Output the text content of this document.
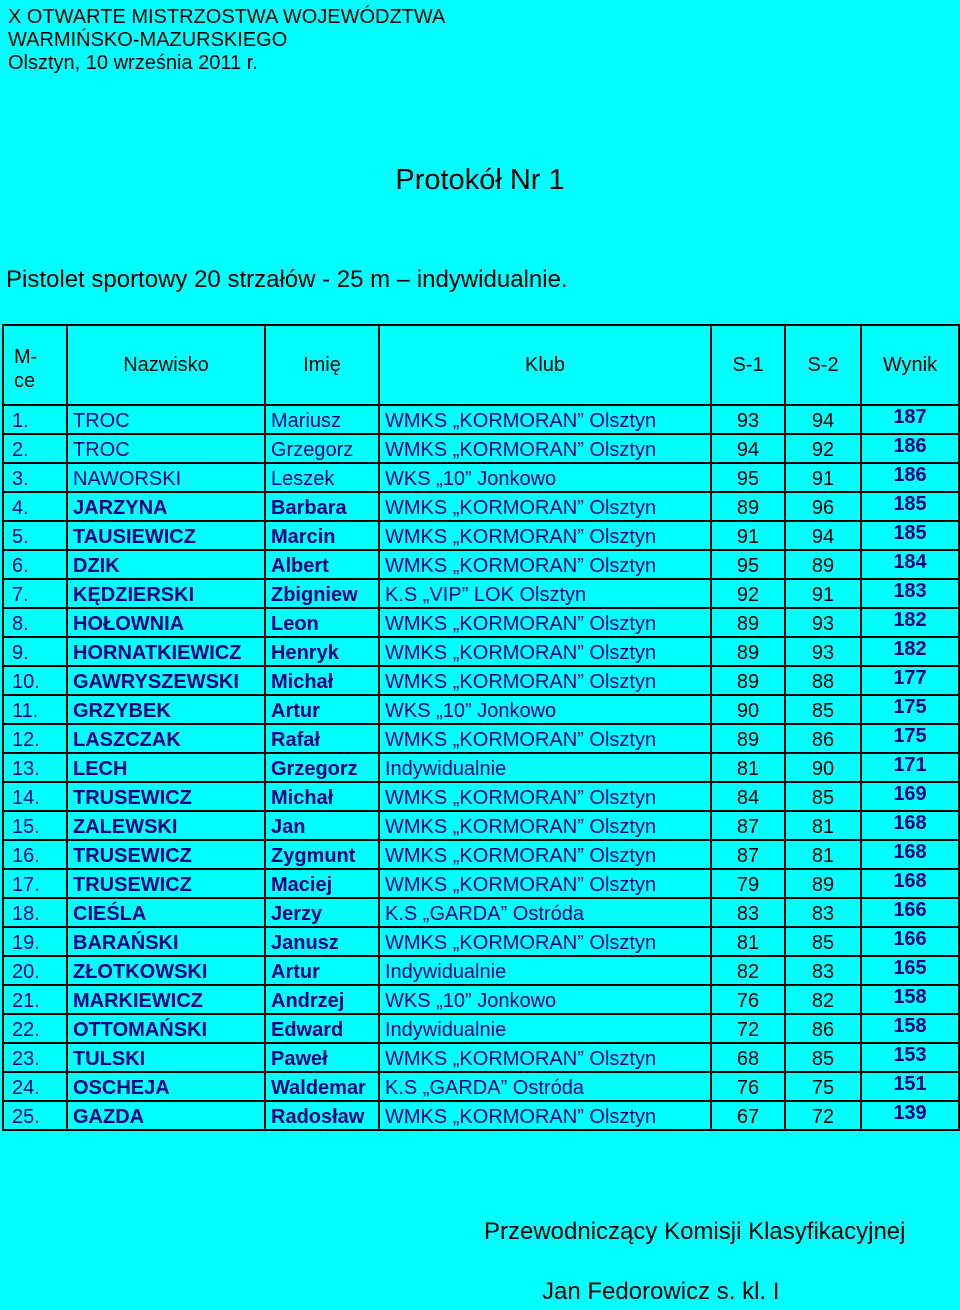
X OTWARTE MISTRZOSTWA WOJEWÓDZTWA
WARMIŃSKO-MAZURSKIEGO
Olsztyn, 10 września 2011 r.
Protokół Nr 1
Pistolet sportowy 20 strzałów - 25 m – indywidualnie.
M-ce	Nazwisko	Imię	Klub	S-1	S-2	Wynik
1.	TROC	Mariusz	WMKS „KORMORAN” Olsztyn	93	94	187
2.	TROC	Grzegorz	WMKS „KORMORAN” Olsztyn	94	92	186
3.	NAWORSKI	Leszek	WKS „10” Jonkowo	95	91	186
4.	JARZYNA	Barbara	WMKS „KORMORAN” Olsztyn	89	96	185
5.	TAUSIEWICZ	Marcin	WMKS „KORMORAN” Olsztyn	91	94	185
6.	DZIK	Albert	WMKS „KORMORAN” Olsztyn	95	89	184
7.	KĘDZIERSKI	Zbigniew	K.S „VIP” LOK Olsztyn	92	91	183
8.	HOŁOWNIA	Leon	WMKS „KORMORAN” Olsztyn	89	93	182
9.	HORNATKIEWICZ	Henryk	WMKS „KORMORAN” Olsztyn	89	93	182
10.	GAWRYSZEWSKI	Michał	WMKS „KORMORAN” Olsztyn	89	88	177
11.	GRZYBEK	Artur	WKS „10” Jonkowo	90	85	175
12.	LASZCZAK	Rafał	WMKS „KORMORAN” Olsztyn	89	86	175
13.	LECH	Grzegorz	Indywidualnie	81	90	171
14.	TRUSEWICZ	Michał	WMKS „KORMORAN” Olsztyn	84	85	169
15.	ZALEWSKI	Jan	WMKS „KORMORAN” Olsztyn	87	81	168
16.	TRUSEWICZ	Zygmunt	WMKS „KORMORAN” Olsztyn	87	81	168
17.	TRUSEWICZ	Maciej	WMKS „KORMORAN” Olsztyn	79	89	168
18.	CIEŚLA	Jerzy	K.S „GARDA” Ostróda	83	83	166
19.	BARAŃSKI	Janusz	WMKS „KORMORAN” Olsztyn	81	85	166
20.	ZŁOTKOWSKI	Artur	Indywidualnie	82	83	165
21.	MARKIEWICZ	Andrzej	WKS „10” Jonkowo	76	82	158
22.	OTTOMAŃSKI	Edward	Indywidualnie	72	86	158
23.	TULSKI	Paweł	WMKS „KORMORAN” Olsztyn	68	85	153
24.	OSCHEJA	Waldemar	K.S „GARDA” Ostróda	76	75	151
25.	GAZDA	Radosław	WMKS „KORMORAN” Olsztyn	67	72	139
Przewodniczący Komisji Klasyfikacyjnej
Jan Fedorowicz s. kl. I
